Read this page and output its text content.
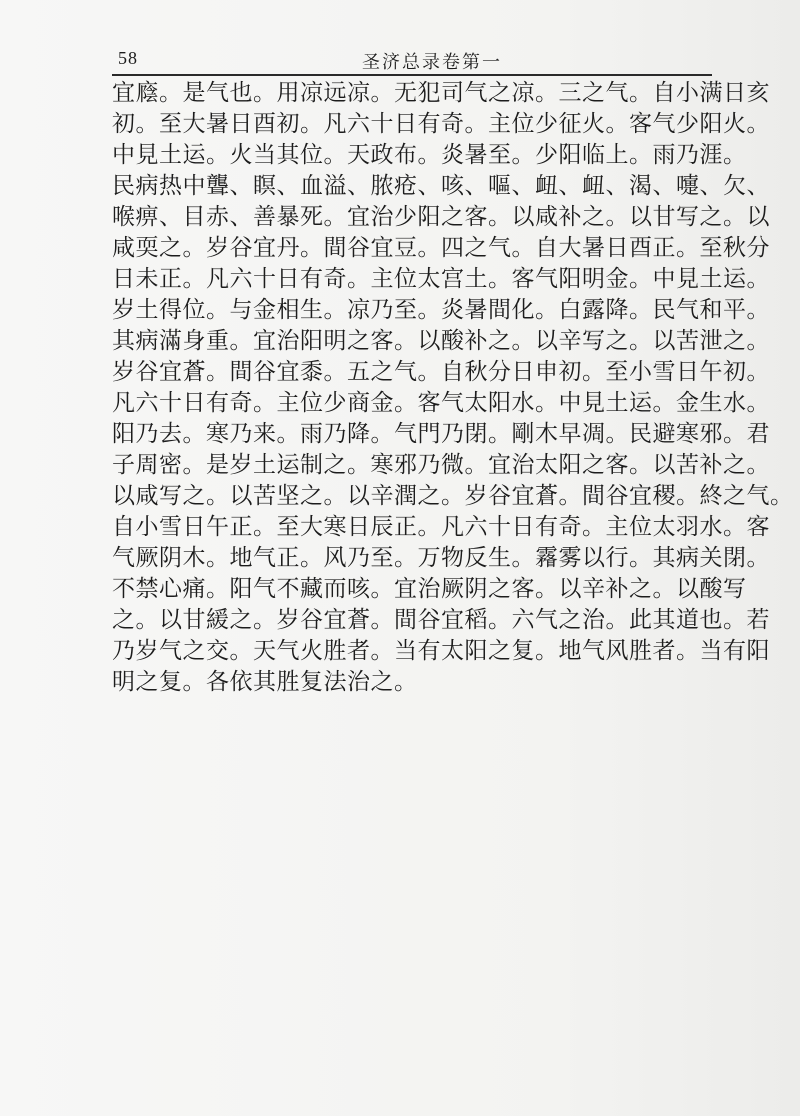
58	圣济总录卷第一
宜廕。是气也。用凉远凉。无犯司气之凉。三之气。自小满日亥
初。至大暑日酉初。凡六十日有奇。主位少征火。客气少阳火。
中見土运。火当其位。天政布。炎暑至。少阳临上。雨乃涯。
民病热中聾、瞑、血溢、脓疮、咳、嘔、衄、衄、渴、嚏、欠、
喉痹、目赤、善暴死。宜治少阳之客。以咸补之。以甘写之。以
咸耎之。岁谷宜丹。間谷宜豆。四之气。自大暑日酉正。至秋分
日未正。凡六十日有奇。主位太宫土。客气阳明金。中見土运。
岁土得位。与金相生。凉乃至。炎暑間化。白露降。民气和平。
其病滿身重。宜治阳明之客。以酸补之。以辛写之。以苦泄之。
岁谷宜蒼。間谷宜黍。五之气。自秋分日申初。至小雪日午初。
凡六十日有奇。主位少商金。客气太阳水。中見土运。金生水。
阳乃去。寒乃来。雨乃降。气門乃閉。剛木早凋。民避寒邪。君
子周密。是岁土运制之。寒邪乃微。宜治太阳之客。以苦补之。
以咸写之。以苦坚之。以辛潤之。岁谷宜蒼。間谷宜稷。終之气。
自小雪日午正。至大寒日辰正。凡六十日有奇。主位太羽水。客
气厥阴木。地气正。风乃至。万物反生。霿雾以行。其病关閉。
不禁心痛。阳气不藏而咳。宜治厥阴之客。以辛补之。以酸写
之。以甘緩之。岁谷宜蒼。間谷宜稻。六气之治。此其道也。若
乃岁气之交。天气火胜者。当有太阳之复。地气风胜者。当有阳
明之复。各依其胜复法治之。
